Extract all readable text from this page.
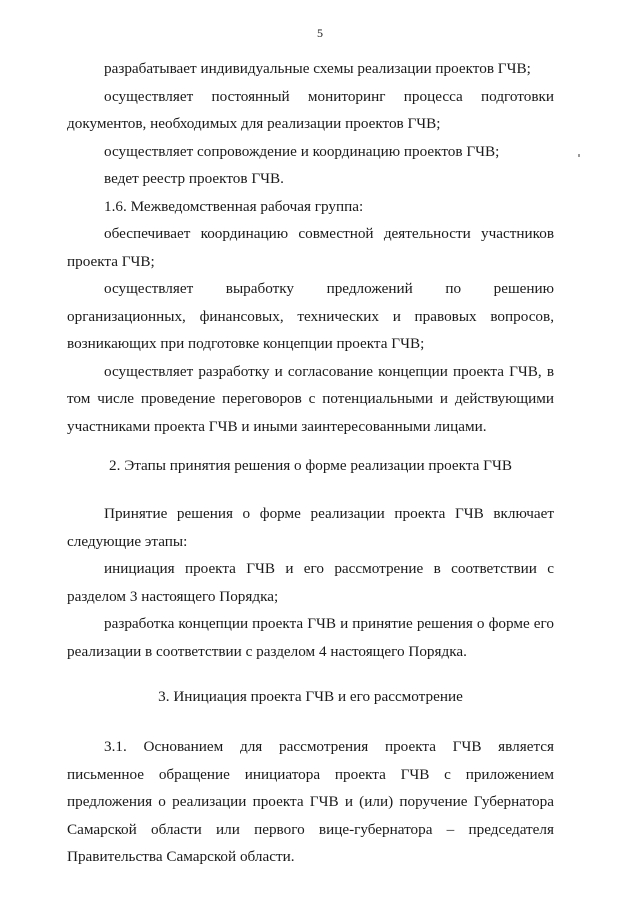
5

разрабатывает индивидуальные схемы реализации проектов ГЧВ;

осуществляет постоянный мониторинг процесса подготовки документов, необходимых для реализации проектов ГЧВ;

осуществляет сопровождение и координацию проектов ГЧВ;

ведет реестр проектов ГЧВ.

1.6. Межведомственная рабочая группа:

обеспечивает координацию совместной деятельности участников проекта ГЧВ;

осуществляет выработку предложений по решению организационных, финансовых, технических и правовых вопросов, возникающих при подготовке концепции проекта ГЧВ;

осуществляет разработку и согласование концепции проекта ГЧВ, в том числе проведение переговоров с потенциальными и действующими участниками проекта ГЧВ и иными заинтересованными лицами.

2. Этапы принятия решения о форме реализации проекта ГЧВ

Принятие решения о форме реализации проекта ГЧВ включает следующие этапы:

инициация проекта ГЧВ и его рассмотрение в соответствии с разделом 3 настоящего Порядка;

разработка концепции проекта ГЧВ и принятие решения о форме его реализации в соответствии с разделом 4 настоящего Порядка.

3. Инициация проекта ГЧВ и его рассмотрение

3.1. Основанием для рассмотрения проекта ГЧВ является письменное обращение инициатора проекта ГЧВ с приложением предложения о реализации проекта ГЧВ и (или) поручение Губернатора Самарской области или первого вице-губернатора – председателя Правительства Самарской области.
